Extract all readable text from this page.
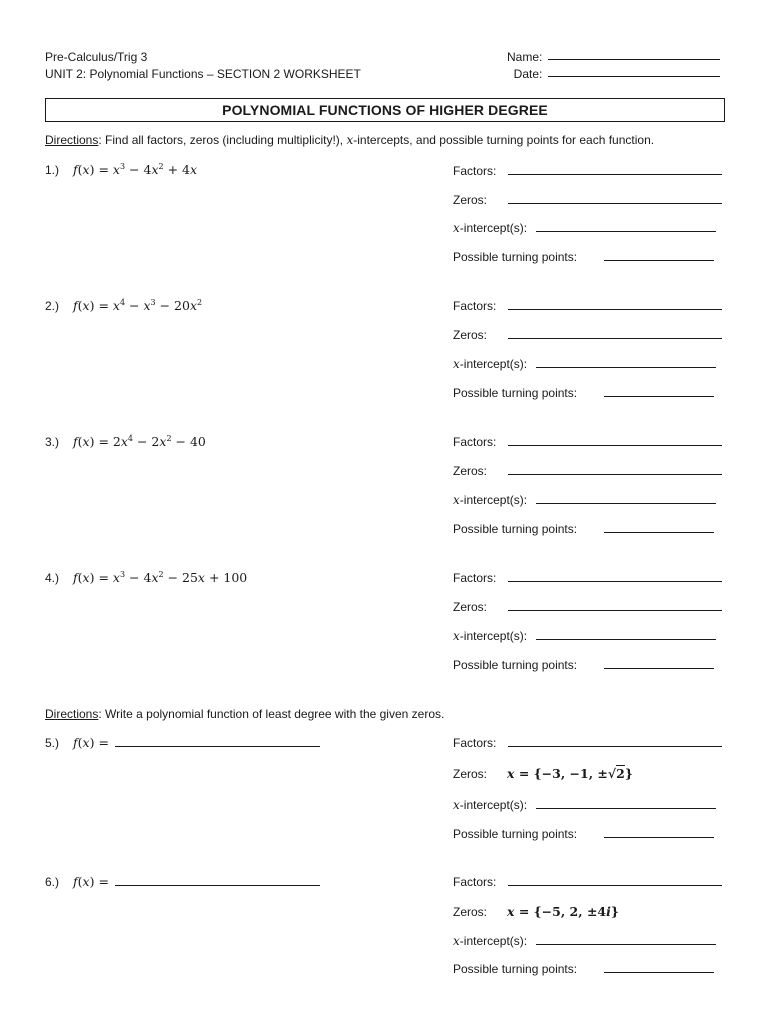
Pre-Calculus/Trig 3
UNIT 2: Polynomial Functions – SECTION 2 WORKSHEET
Name:
Date:
POLYNOMIAL FUNCTIONS OF HIGHER DEGREE
Directions: Find all factors, zeros (including multiplicity!), x-intercepts, and possible turning points for each function.
1.)	$f(x) = x^3 - 4x^2 + 4x$	Factors:
Zeros:
x-intercept(s):
Possible turning points:
2.)	$f(x) = x^4 - x^3 - 20x^2$	Factors:
Zeros:
x-intercept(s):
Possible turning points:
3.)	$f(x) = 2x^4 - 2x^2 - 40$	Factors:
Zeros:
x-intercept(s):
Possible turning points:
4.)	$f(x) = x^3 - 4x^2 - 25x + 100$	Factors:
Zeros:
x-intercept(s):
Possible turning points:
Directions: Write a polynomial function of least degree with the given zeros.
5.)	f(x) =	Factors:
Zeros: x = {−3, −1, ±√2}
x-intercept(s):
Possible turning points:
6.)	f(x) =	Factors:
Zeros: x = {−5, 2, ±4i}
x-intercept(s):
Possible turning points:
